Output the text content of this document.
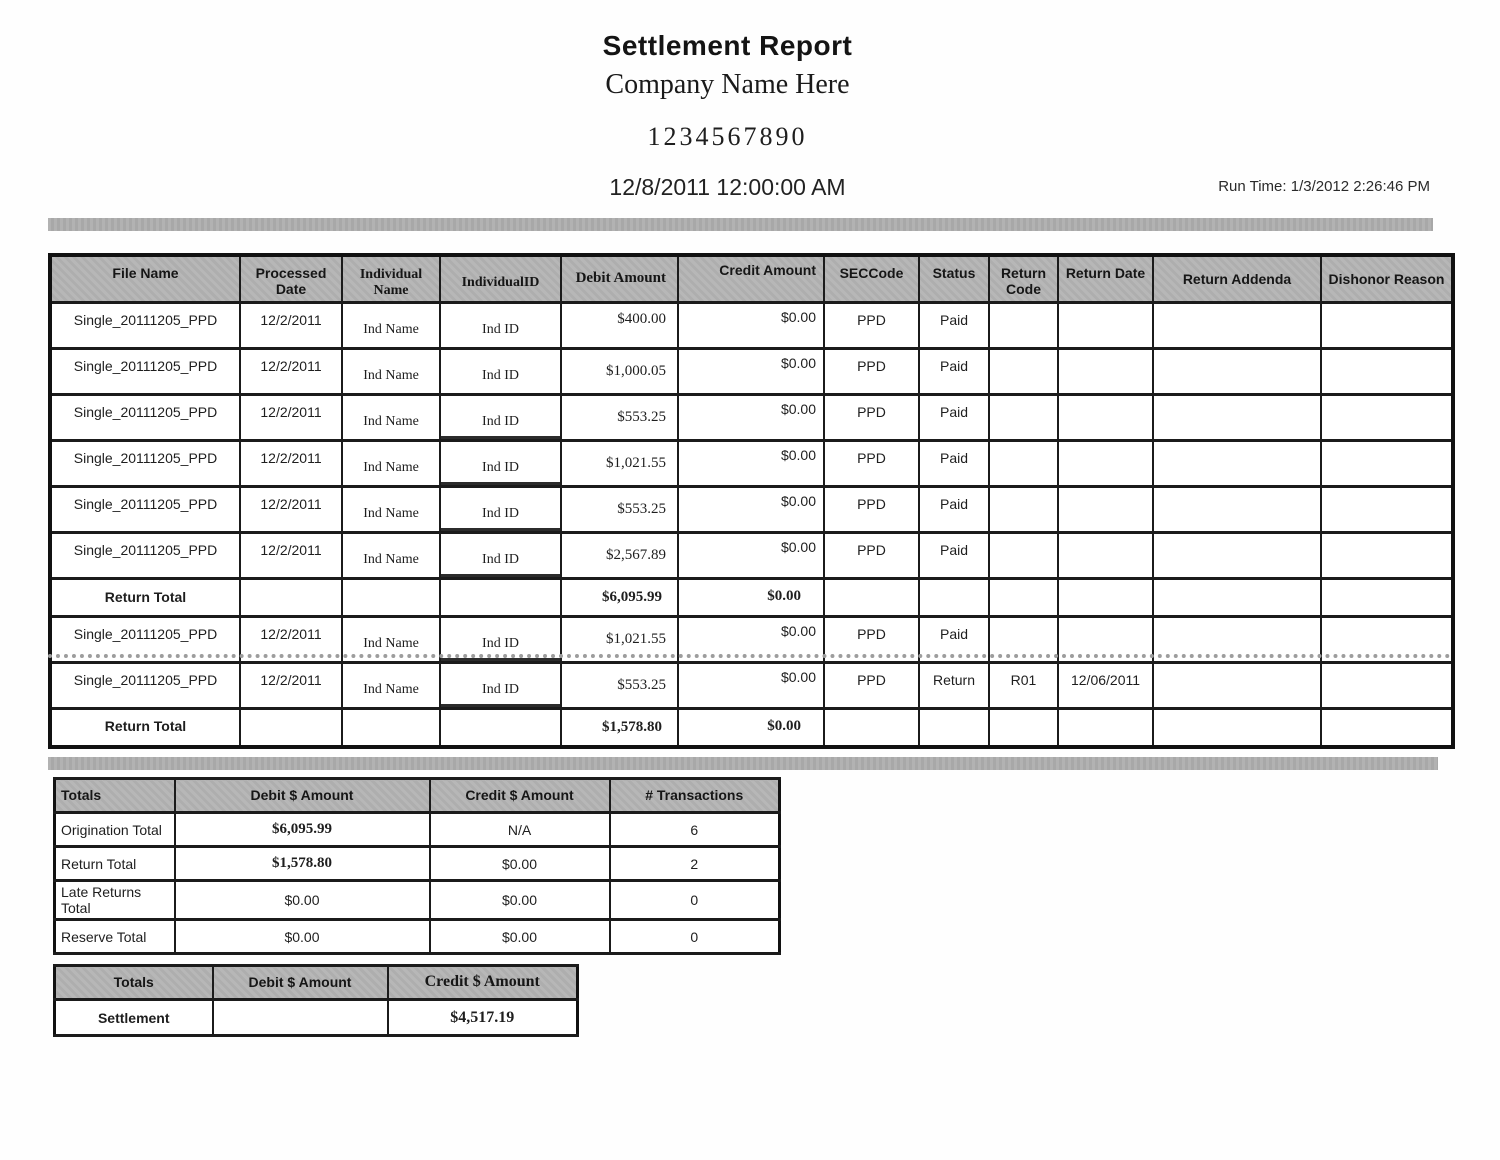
Settlement Report
Company Name Here
1234567890
12/8/2011 12:00:00 AM	Run Time: 1/3/2012 2:26:46 PM
File Name	Processed Date	Individual Name	IndividualID	Debit Amount	Credit Amount	SECCode	Status	Return Code	Return Date	Return Addenda	Dishonor Reason
Single_20111205_PPD	12/2/2011	Ind Name	Ind ID	$400.00	$0.00	PPD	Paid				
Single_20111205_PPD	12/2/2011	Ind Name	Ind ID	$1,000.05	$0.00	PPD	Paid				
Single_20111205_PPD	12/2/2011	Ind Name	Ind ID	$553.25	$0.00	PPD	Paid				
Single_20111205_PPD	12/2/2011	Ind Name	Ind ID	$1,021.55	$0.00	PPD	Paid				
Single_20111205_PPD	12/2/2011	Ind Name	Ind ID	$553.25	$0.00	PPD	Paid				
Single_20111205_PPD	12/2/2011	Ind Name	Ind ID	$2,567.89	$0.00	PPD	Paid				
Return Total				$6,095.99	$0.00						
Single_20111205_PPD	12/2/2011	Ind Name	Ind ID	$1,021.55	$0.00	PPD	Paid				
Single_20111205_PPD	12/2/2011	Ind Name	Ind ID	$553.25	$0.00	PPD	Return	R01	12/06/2011		
Return Total				$1,578.80	$0.00						
Totals	Debit $ Amount	Credit $ Amount	# Transactions
Origination Total	$6,095.99	N/A	6
Return Total	$1,578.80	$0.00	2
Late Returns Total	$0.00	$0.00	0
Reserve Total	$0.00	$0.00	0
Totals	Debit $ Amount	Credit $ Amount
Settlement		$4,517.19
